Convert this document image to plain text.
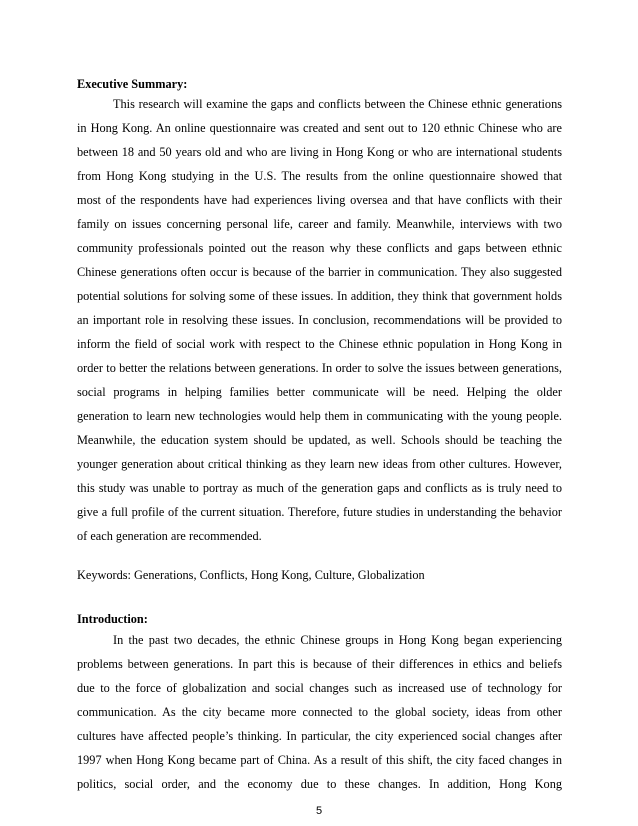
Executive Summary:
This research will examine the gaps and conflicts between the Chinese ethnic generations
in Hong Kong. An online questionnaire was created and sent out to 120 ethnic Chinese who are
between 18 and 50 years old and who are living in Hong Kong or who are international students
from Hong Kong studying in the U.S. The results from the online questionnaire showed that
most of the respondents have had experiences living oversea and that have conflicts with their
family on issues concerning personal life, career and family. Meanwhile, interviews with two
community professionals pointed out the reason why these conflicts and gaps between ethnic
Chinese generations often occur is because of the barrier in communication. They also suggested
potential solutions for solving some of these issues. In addition, they think that government holds
an important role in resolving these issues. In conclusion, recommendations will be provided to
inform the field of social work with respect to the Chinese ethnic population in Hong Kong in
order to better the relations between generations. In order to solve the issues between generations,
social programs in helping families better communicate will be need. Helping the older
generation to learn new technologies would help them in communicating with the young people.
Meanwhile, the education system should be updated, as well. Schools should be teaching the
younger generation about critical thinking as they learn new ideas from other cultures. However,
this study was unable to portray as much of the generation gaps and conflicts as is truly need to
give a full profile of the current situation. Therefore, future studies in understanding the behavior
of each generation are recommended.
Keywords: Generations, Conflicts, Hong Kong, Culture, Globalization
Introduction:
In the past two decades, the ethnic Chinese groups in Hong Kong began experiencing
problems between generations. In part this is because of their differences in ethics and beliefs
due to the force of globalization and social changes such as increased use of technology for
communication. As the city became more connected to the global society, ideas from other
cultures have affected people’s thinking. In particular, the city experienced social changes after
1997 when Hong Kong became part of China. As a result of this shift, the city faced changes in
politics, social order, and the economy due to these changes. In addition, Hong Kong
5
